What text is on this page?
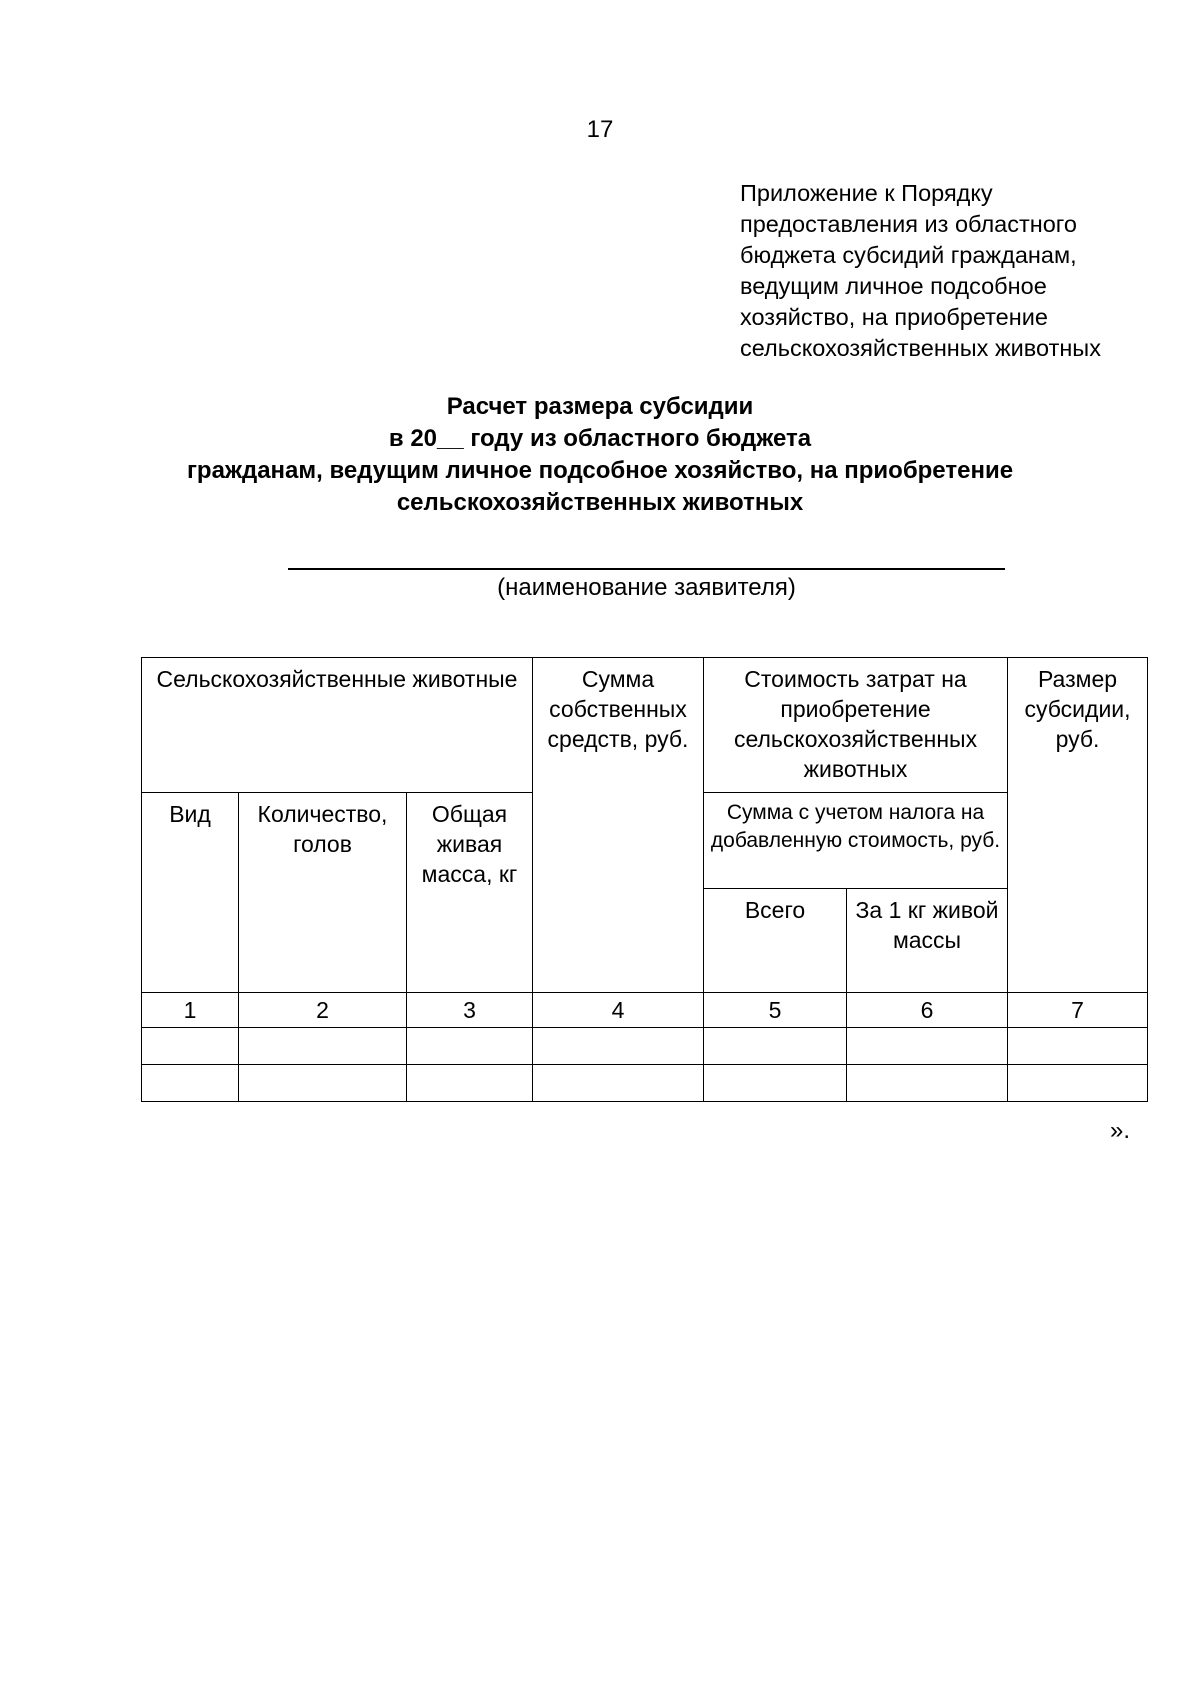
17
Приложение к Порядку
предоставления из областного
бюджета субсидий гражданам,
ведущим личное подсобное
хозяйство, на приобретение
сельскохозяйственных животных
Расчет размера субсидии
в 20__ году из областного бюджета
гражданам, ведущим личное подсобное хозяйство, на приобретение
сельскохозяйственных животных
(наименование заявителя)
Сельскохозяйственные животные			Сумма собственных средств, руб.	Стоимость затрат на приобретение сельскохозяйственных животных		Размер субсидии, руб.
Вид	Количество, голов	Общая живая масса, кг		Сумма с учетом налога на добавленную стоимость, руб.		
				Всего	За 1 кг живой массы	
1	2	3	4	5	6	7

».
